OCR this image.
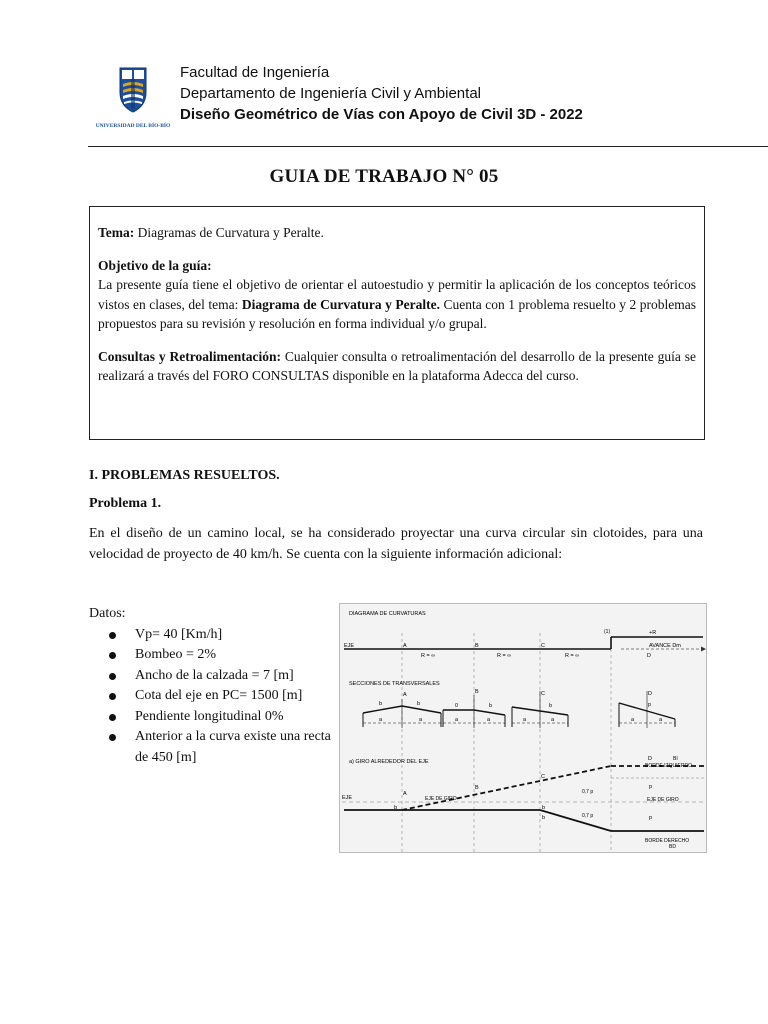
UNIVERSIDAD DEL BÍO-BÍO
Facultad de Ingeniería
Departamento de Ingeniería Civil y Ambiental
Diseño Geométrico de Vías con Apoyo de Civil 3D - 2022
GUIA DE TRABAJO N° 05

Tema: Diagramas de Curvatura y Peralte.

Objetivo de la guía:

La presente guía tiene el objetivo de orientar el autoestudio y permitir la aplicación de los conceptos teóricos vistos en clases, del tema: Diagrama de Curvatura y Peralte. Cuenta con 1 problema resuelto y 2 problemas propuestos para su revisión y resolución en forma individual y/o grupal.

Consultas y Retroalimentación: Cualquier consulta o retroalimentación del desarrollo de la presente guía se realizará a través del FORO CONSULTAS disponible en la plataforma Adecca del curso.

I. PROBLEMAS RESUELTOS.
Problema 1.
En el diseño de un camino local, se ha considerado proyectar una curva circular sin clotoides, para una velocidad de proyecto de 40 km/h. Se cuenta con la siguiente información adicional:
Datos:
Vp= 40 [Km/h]
Bombeo = 2%
Ancho de la calzada = 7 [m]
Cota del eje en PC= 1500 [m]
Pendiente longitudinal 0%
Anterior a la curva existe una recta de 450 [m]
DIAGRAMA DE CURVATURAS
EJE	A	B	C
D
(1)	+R
AVANCE Dm
R = ∞	R = ∞	R = ∞
SECCIONES DE TRANSVERSALES
A
b	b
a	a
B
0	b
a	a
C
b
a	a
D
p
a	a
a) GIRO ALREDEDOR DEL EJE
EJE
A
B
C
D	BI
BORDE IZQUIERDO
EJE DE GIRO	EJE DE GIRO
0,7 p
0,7 p
b	b
b
p
p
BORDE DERECHO
BD
